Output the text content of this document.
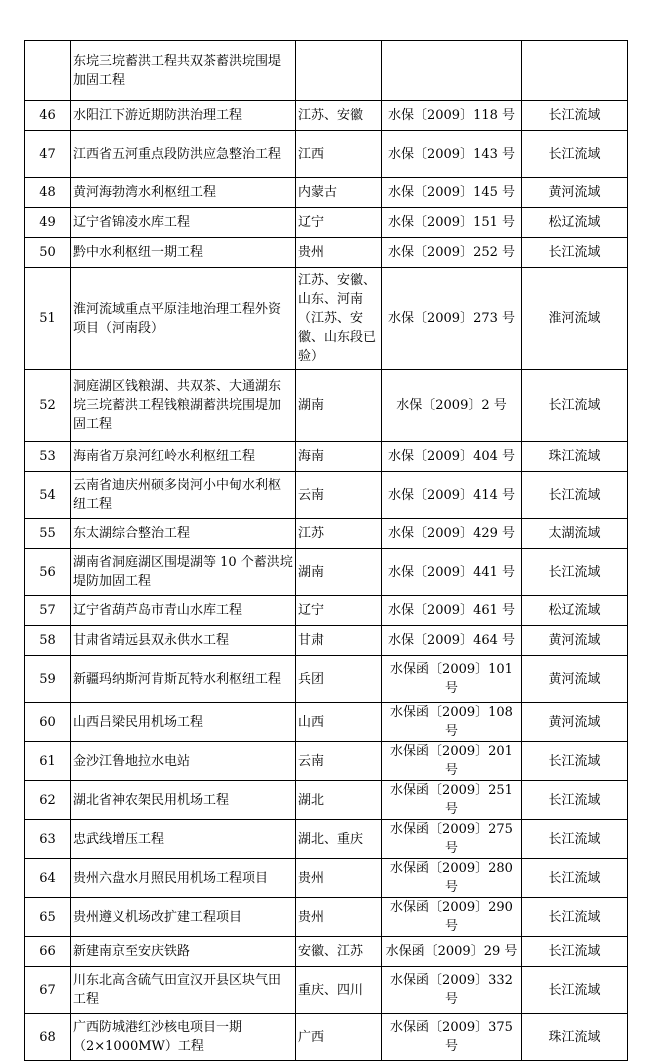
	东垸三垸蓄洪工程共双茶蓄洪垸围堤加固工程			
46	水阳江下游近期防洪治理工程	江苏、安徽	水保〔2009〕118 号	长江流域
47	江西省五河重点段防洪应急整治工程	江西	水保〔2009〕143 号	长江流域
48	黄河海勃湾水利枢纽工程	内蒙古	水保〔2009〕145 号	黄河流域
49	辽宁省锦凌水库工程	辽宁	水保〔2009〕151 号	松辽流域
50	黔中水利枢纽一期工程	贵州	水保〔2009〕252 号	长江流域
51	淮河流域重点平原洼地治理工程外资项目（河南段）	江苏、安徽、山东、河南（江苏、安徽、山东段已验）	水保〔2009〕273 号	淮河流域
52	洞庭湖区钱粮湖、共双茶、大通湖东垸三垸蓄洪工程钱粮湖蓄洪垸围堤加固工程	湖南	水保〔2009〕2 号	长江流域
53	海南省万泉河红岭水利枢纽工程	海南	水保〔2009〕404 号	珠江流域
54	云南省迪庆州硕多岗河小中甸水利枢纽工程	云南	水保〔2009〕414 号	长江流域
55	东太湖综合整治工程	江苏	水保〔2009〕429 号	太湖流域
56	湖南省洞庭湖区围堤湖等 10 个蓄洪垸堤防加固工程	湖南	水保〔2009〕441 号	长江流域
57	辽宁省葫芦岛市青山水库工程	辽宁	水保〔2009〕461 号	松辽流域
58	甘肃省靖远县双永供水工程	甘肃	水保〔2009〕464 号	黄河流域
59	新疆玛纳斯河肯斯瓦特水利枢纽工程	兵团	水保函〔2009〕101 号	黄河流域
60	山西吕梁民用机场工程	山西	水保函〔2009〕108 号	黄河流域
61	金沙江鲁地拉水电站	云南	水保函〔2009〕201 号	长江流域
62	湖北省神农架民用机场工程	湖北	水保函〔2009〕251 号	长江流域
63	忠武线增压工程	湖北、重庆	水保函〔2009〕275 号	长江流域
64	贵州六盘水月照民用机场工程项目	贵州	水保函〔2009〕280 号	长江流域
65	贵州遵义机场改扩建工程项目	贵州	水保函〔2009〕290 号	长江流域
66	新建南京至安庆铁路	安徽、江苏	水保函〔2009〕29 号	长江流域
67	川东北高含硫气田宣汉开县区块气田工程	重庆、四川	水保函〔2009〕332 号	长江流域
68	广西防城港红沙核电项目一期（2×1000MW）工程	广西	水保函〔2009〕375 号	珠江流域
